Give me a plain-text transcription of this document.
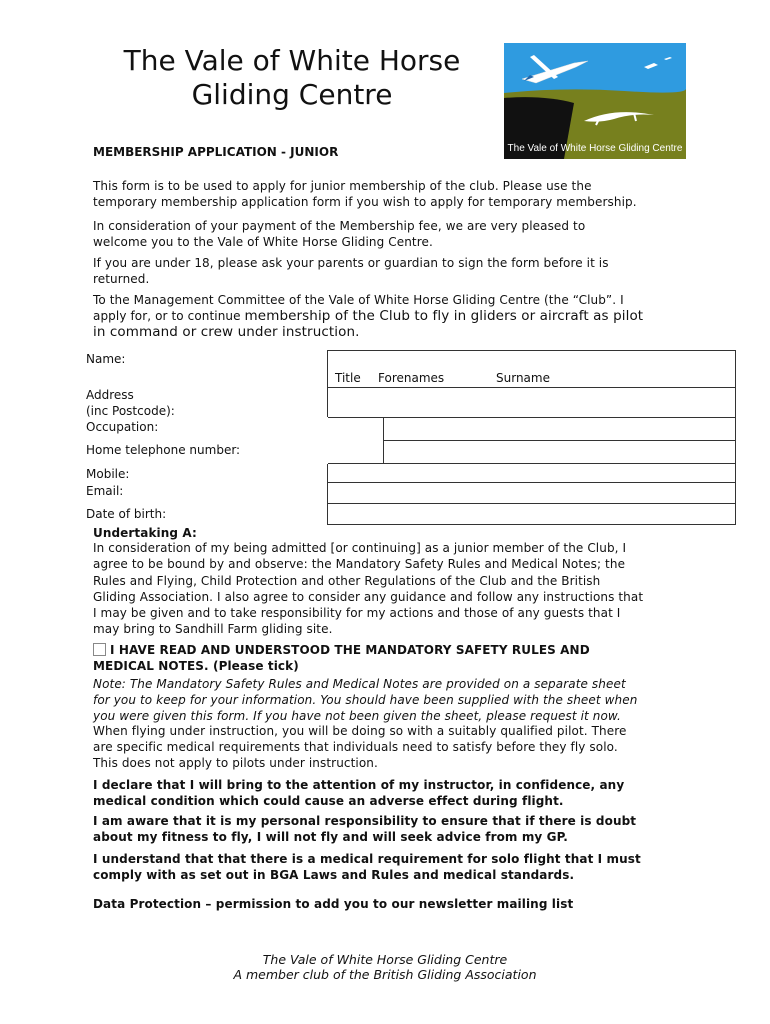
The Vale of White Horse
Gliding Centre
The Vale of White Horse Gliding Centre
MEMBERSHIP APPLICATION - JUNIOR
This form is to be used to apply for junior membership of the club. Please use the
temporary membership application form if you wish to apply for temporary membership.
In consideration of your payment of the Membership fee, we are very pleased to
welcome you to the Vale of White Horse Gliding Centre.
If you are under 18, please ask your parents or guardian to sign the form before it is
returned.
To the Management Committee of the Vale of White Horse Gliding Centre (the “Club”. I
apply for, or to continue membership of the Club to fly in gliders or aircraft as pilot
in command or crew under instruction.
Name:
Address
(inc Postcode):
Occupation:
Home telephone number:
Mobile:
Email:
Date of birth:
Title Forenames	Surname
Undertaking A:
In consideration of my being admitted [or continuing] as a junior member of the Club, I
agree to be bound by and observe: the Mandatory Safety Rules and Medical Notes; the
Rules and Flying, Child Protection and other Regulations of the Club and the British
Gliding Association. I also agree to consider any guidance and follow any instructions that
I may be given and to take responsibility for my actions and those of any guests that I
may bring to Sandhill Farm gliding site.
I HAVE READ AND UNDERSTOOD THE MANDATORY SAFETY RULES AND
MEDICAL NOTES. (Please tick)
Note: The Mandatory Safety Rules and Medical Notes are provided on a separate sheet
for you to keep for your information. You should have been supplied with the sheet when
you were given this form. If you have not been given the sheet, please request it now.
When flying under instruction, you will be doing so with a suitably qualified pilot. There
are specific medical requirements that individuals need to satisfy before they fly solo.
This does not apply to pilots under instruction.
I declare that I will bring to the attention of my instructor, in confidence, any
medical condition which could cause an adverse effect during flight.
I am aware that it is my personal responsibility to ensure that if there is doubt
about my fitness to fly, I will not fly and will seek advice from my GP.
I understand that that there is a medical requirement for solo flight that I must
comply with as set out in BGA Laws and Rules and medical standards.
Data Protection – permission to add you to our newsletter mailing list
The Vale of White Horse Gliding Centre
A member club of the British Gliding Association
